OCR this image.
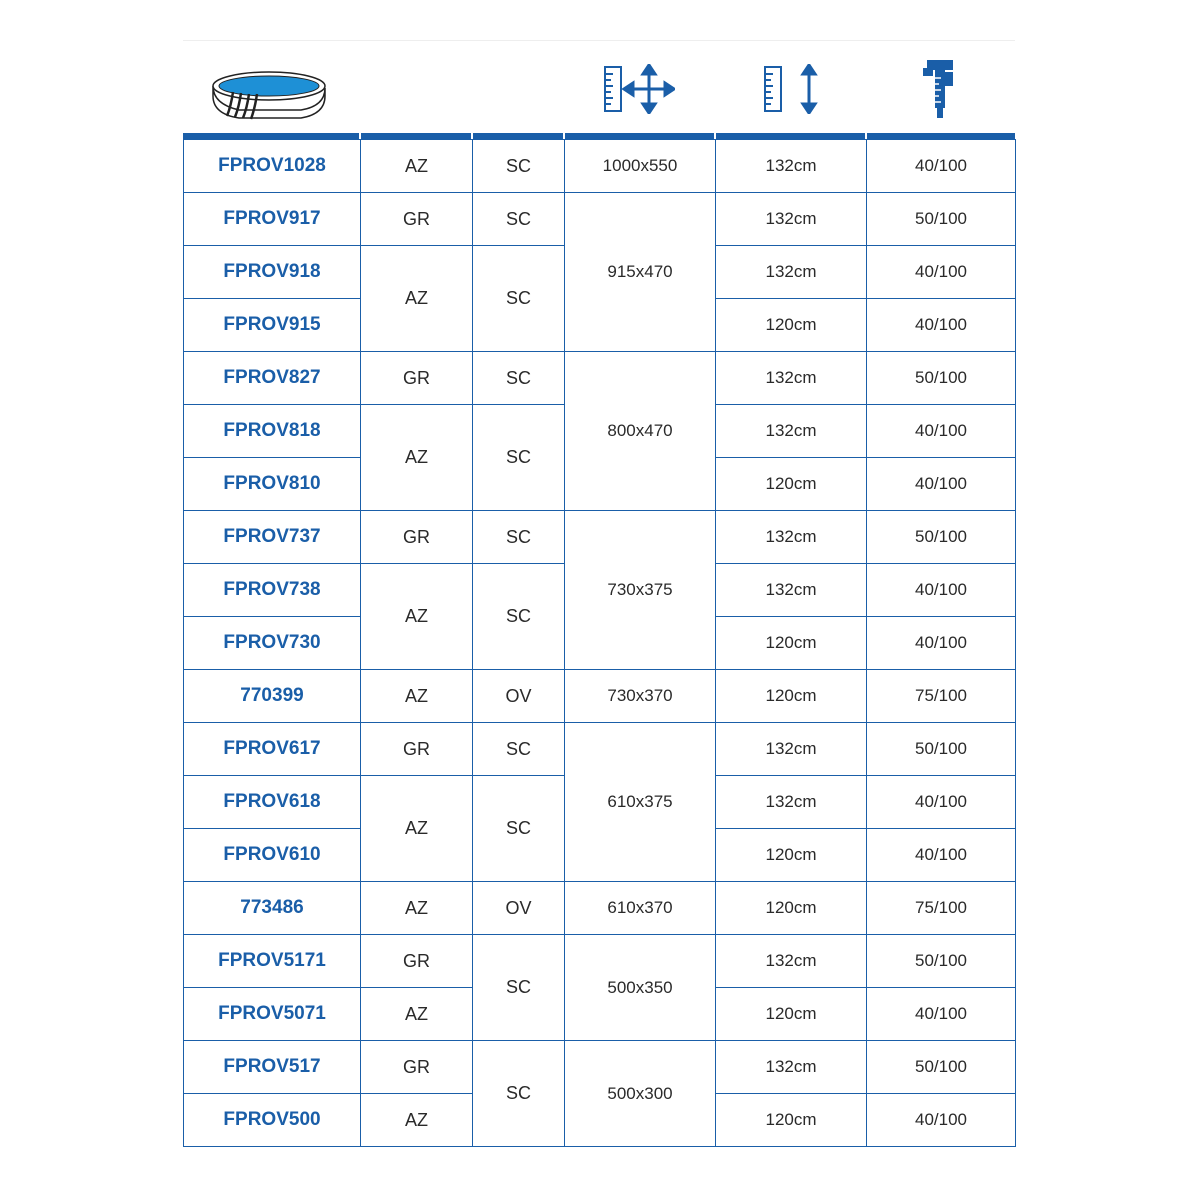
FPROV1028	AZ	SC	1000x550	132cm	40/100
FPROV917	GR	SC	915x470	132cm	50/100
FPROV918	AZ	SC		132cm	40/100
FPROV915				120cm	40/100
FPROV827	GR	SC	800x470	132cm	50/100
FPROV818	AZ	SC		132cm	40/100
FPROV810				120cm	40/100
FPROV737	GR	SC	730x375	132cm	50/100
FPROV738	AZ	SC		132cm	40/100
FPROV730				120cm	40/100
770399	AZ	OV	730x370	120cm	75/100
FPROV617	GR	SC	610x375	132cm	50/100
FPROV618	AZ	SC		132cm	40/100
FPROV610				120cm	40/100
773486	AZ	OV	610x370	120cm	75/100
FPROV5171	GR	SC	500x350	132cm	50/100
FPROV5071	AZ			120cm	40/100
FPROV517	GR	SC	500x300	132cm	50/100
FPROV500	AZ			120cm	40/100
